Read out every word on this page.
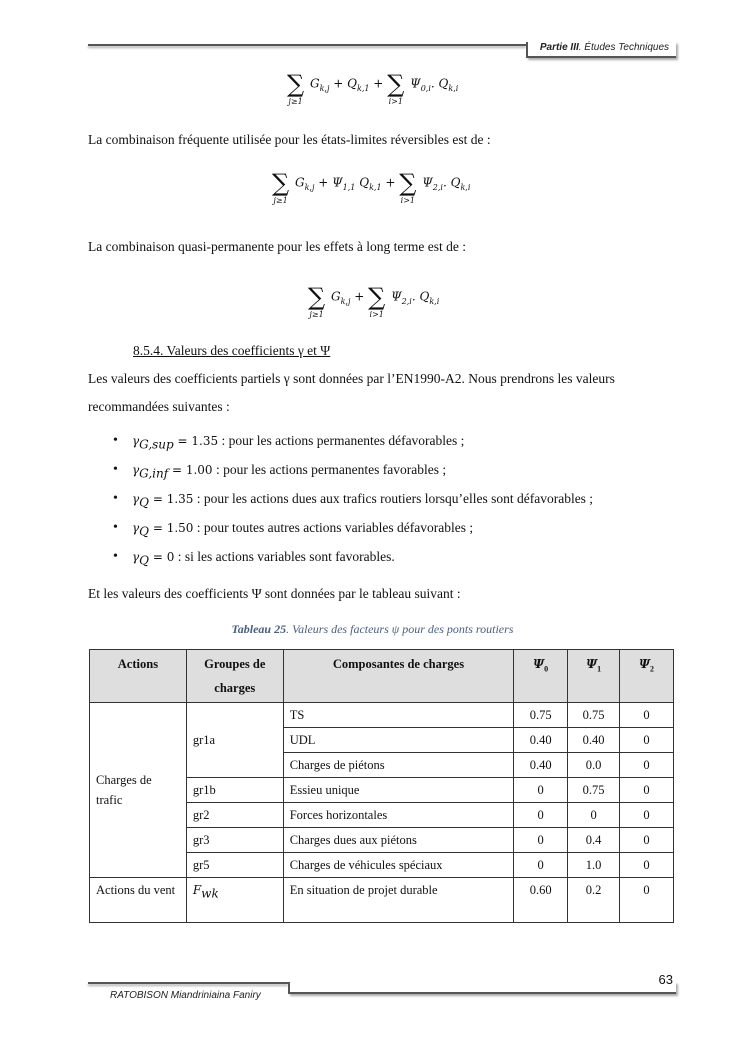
Partie III. Études Techniques
∑
j≥1
$G_{k,j} + Q_{k,1}$ + ∑
i>1
$\Psi_{0,i}$. $Q_{k,i}$
La combinaison fréquente utilisée pour les états-limites réversibles est de :
∑
j≥1
$G_{k,j} + \Psi_{1,1}$ $Q_{k,1}$ + ∑
i>1
$\Psi_{2,i}$. $Q_{k,i}$
La combinaison quasi-permanente pour les effets à long terme est de :
∑
j≥1
$G_{k,j}$ + ∑
i>1
$\Psi_{2,i}$. $Q_{k,i}$
8.5.4. Valeurs des coefficients γ et Ψ
Les valeurs des coefficients partiels γ sont données par l’EN1990-A2. Nous prendrons les valeurs recommandées suivantes :
• $\gamma_{G,sup} = 1.35$ : pour les actions permanentes défavorables ;
• $\gamma_{G,inf} = 1.00$ : pour les actions permanentes favorables ;
• $\gamma_Q = 1.35$ : pour les actions dues aux trafics routiers lorsqu’elles sont défavorables ;
• $\gamma_Q = 1.50$ : pour toutes autres actions variables défavorables ;
• $\gamma_Q = 0$ : si les actions variables sont favorables.
Et les valeurs des coefficients Ψ sont données par le tableau suivant :
Tableau 25. Valeurs des facteurs ψ pour des ponts routiers
Actions	Groupes de charges	Composantes de charges	$\Psi_0$	$\Psi_1$	$\Psi_2$
Charges de trafic	gr1a	TS	0.75	0.75	0
		UDL	0.40	0.40	0
		Charges de piétons	0.40	0.0	0
	gr1b	Essieu unique	0	0.75	0
	gr2	Forces horizontales	0	0	0
	gr3	Charges dues aux piétons	0	0.4	0
	gr5	Charges de véhicules spéciaux	0	1.0	0
Actions du vent	$F_{wk}$	En situation de projet durable	0.60	0.2	0
63
RATOBISON Miandriniaina Faniry
